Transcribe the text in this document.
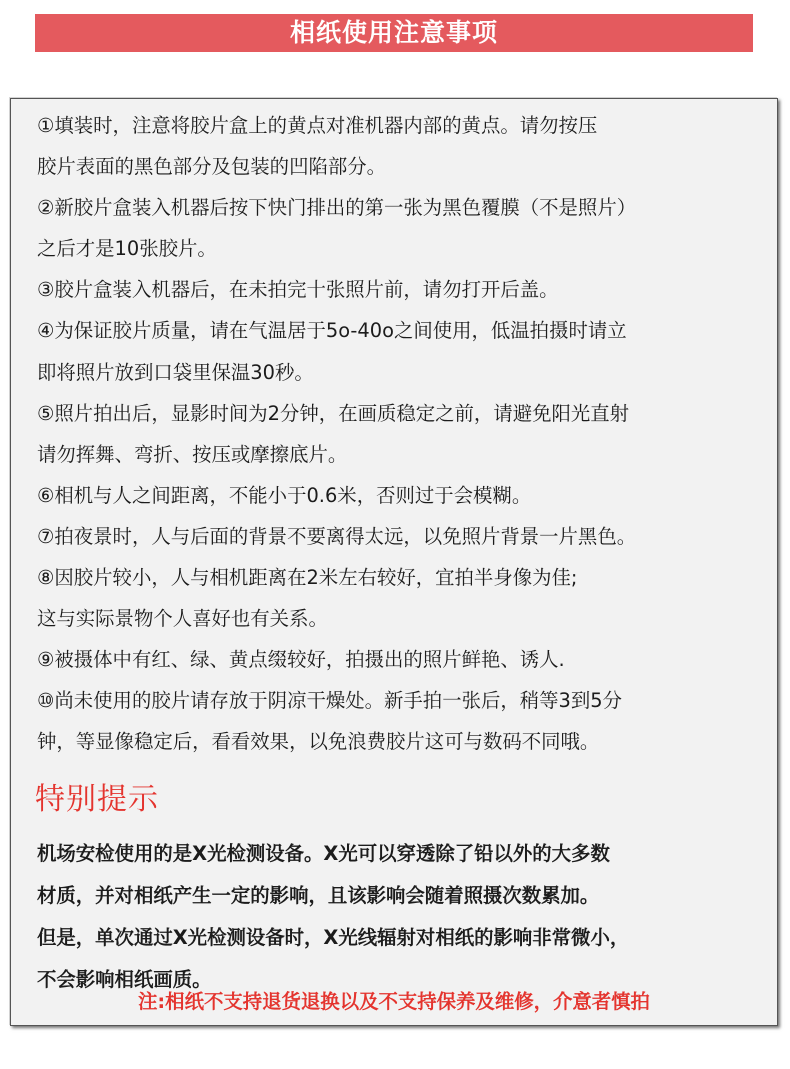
相纸使用注意事项
①填装时，注意将胶片盒上的黄点对准机器内部的黄点。请勿按压
胶片表面的黑色部分及包装的凹陷部分。
②新胶片盒装入机器后按下快门排出的第一张为黑色覆膜（不是照片）
之后才是10张胶片。
③胶片盒装入机器后，在未拍完十张照片前，请勿打开后盖。
④为保证胶片质量，请在气温居于5o-40o之间使用，低温拍摄时请立
即将照片放到口袋里保温30秒。
⑤照片拍出后，显影时间为2分钟，在画质稳定之前，请避免阳光直射
请勿挥舞、弯折、按压或摩擦底片。
⑥相机与人之间距离，不能小于0.6米，否则过于会模糊。
⑦拍夜景时，人与后面的背景不要离得太远，以免照片背景一片黑色。
⑧因胶片较小，人与相机距离在2米左右较好，宜拍半身像为佳;
这与实际景物个人喜好也有关系。
⑨被摄体中有红、绿、黄点缀较好，拍摄出的照片鲜艳、诱人.
⑩尚未使用的胶片请存放于阴凉干燥处。新手拍一张后，稍等3到5分
钟，等显像稳定后，看看效果，以免浪费胶片这可与数码不同哦。
特别提示
机场安检使用的是X光检测设备。X光可以穿透除了铅以外的大多数
材质，并对相纸产生一定的影响，且该影响会随着照摄次数累加。
但是，单次通过X光检测设备时，X光线辐射对相纸的影响非常微小，
不会影响相纸画质。
注:相纸不支持退货退换以及不支持保养及维修，介意者慎拍
